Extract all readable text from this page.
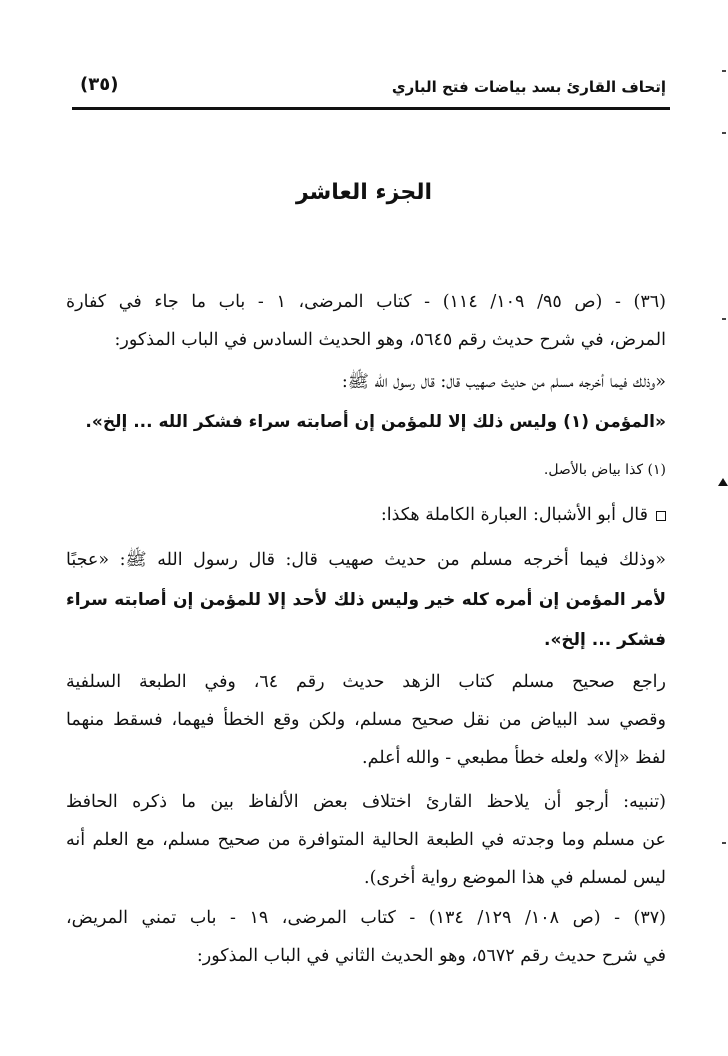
إتحاف القارئ بسد بياضات فتح الباري
(٣٥)
الجزء العاشر
(٣٦) - (ص ٩٥/ ١٠٩/ ١١٤) - كتاب المرضى، ١ - باب ما جاء في كفارة
المرض، في شرح حديث رقم ٥٦٤٥، وهو الحديث السادس في الباب المذكور:
«وذلك فيما أخرجه مسلم من حديث صهيب قال: قال رسول الله ﷺ:
«المؤمن (١) وليس ذلك إلا للمؤمن إن أصابته سراء فشكر الله ... إلخ».
(١) كذا بياض بالأصل.
قال أبو الأشبال: العبارة الكاملة هكذا:
«وذلك فيما أخرجه مسلم من حديث صهيب قال: قال رسول الله ﷺ: «عجبًا
لأمر المؤمن إن أمره كله خير وليس ذلك لأحد إلا للمؤمن إن أصابته سراء
فشكر ... إلخ».
راجع صحيح مسلم كتاب الزهد حديث رقم ٦٤، وفي الطبعة السلفية
وقصي سد البياض من نقل صحيح مسلم، ولكن وقع الخطأ فيهما، فسقط منهما
لفظ «إلا» ولعله خطأ مطبعي - والله أعلم.
(تنبيه: أرجو أن يلاحظ القارئ اختلاف بعض الألفاظ بين ما ذكره الحافظ
عن مسلم وما وجدته في الطبعة الحالية المتوافرة من صحيح مسلم، مع العلم أنه
ليس لمسلم في هذا الموضع رواية أخرى).
(٣٧) - (ص ١٠٨/ ١٢٩/ ١٣٤) - كتاب المرضى، ١٩ - باب تمني المريض،
في شرح حديث رقم ٥٦٧٢، وهو الحديث الثاني في الباب المذكور:
